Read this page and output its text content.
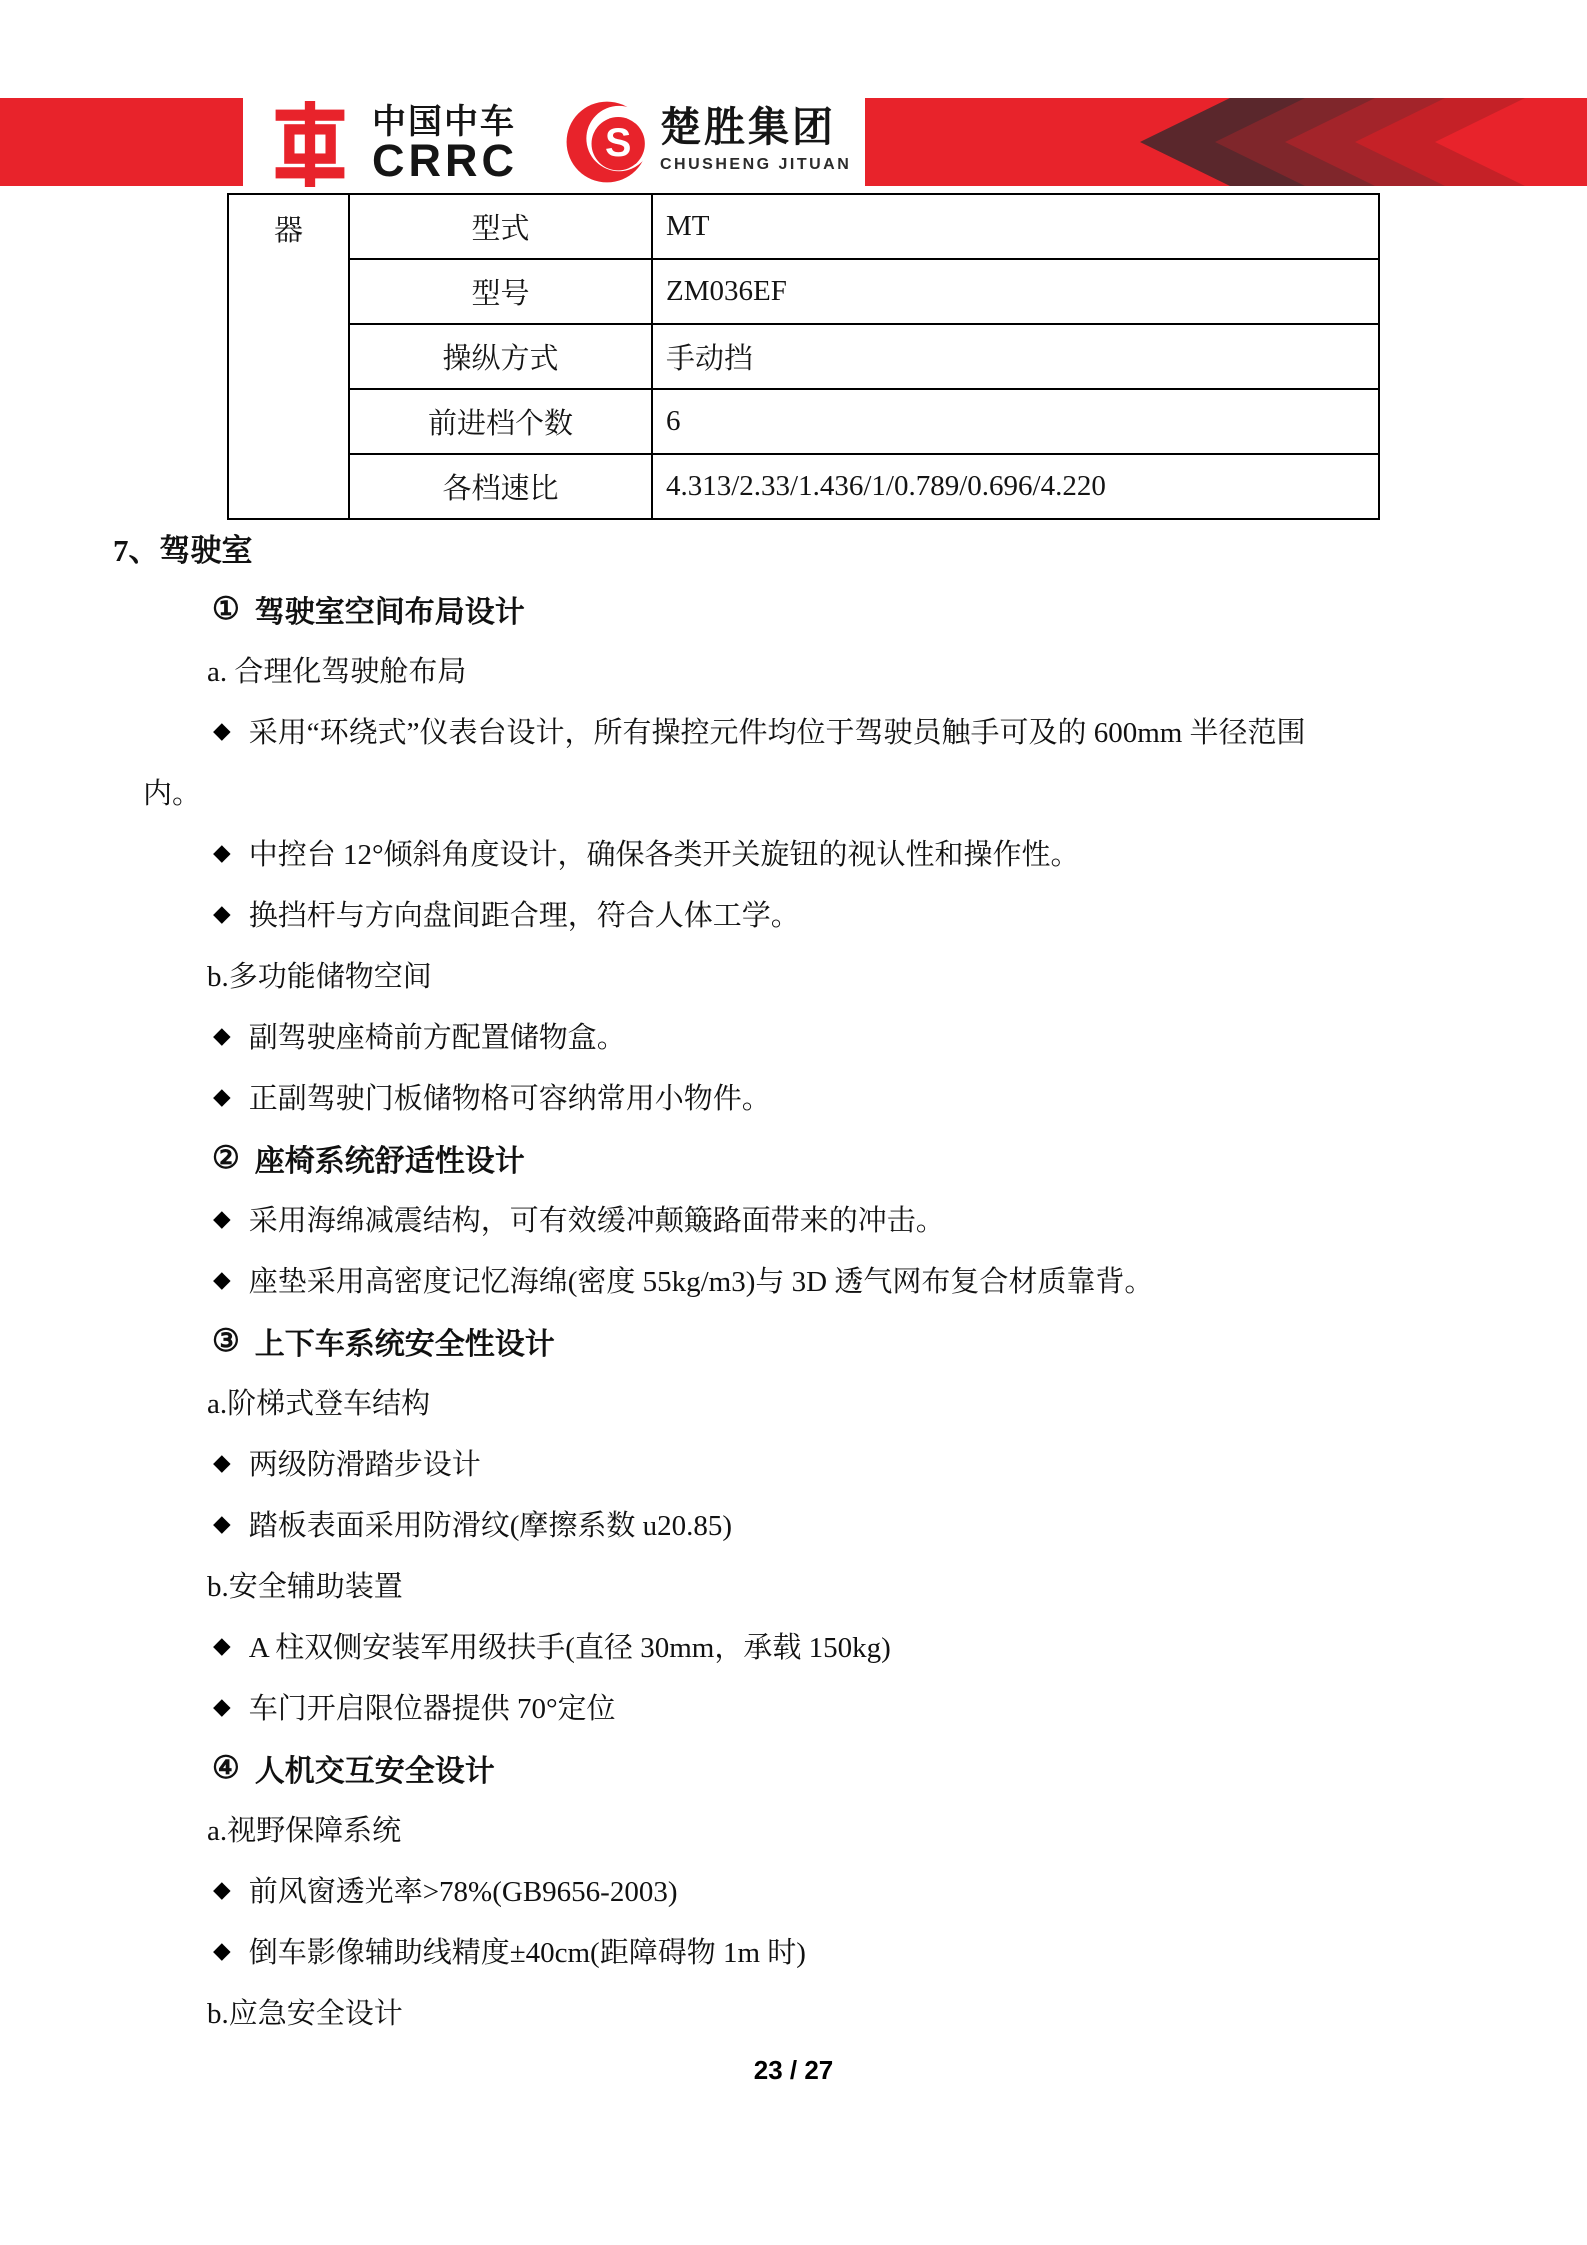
中国中车
CRRC	S 楚胜集团
CHUSHENG JITUAN
器	型式	MT
	型号	ZM036EF
	操纵方式	手动挡
	前进档个数	6
	各档速比	4.313/2.33/1.436/1/0.789/0.696/4.220
7、驾驶室
① 驾驶室空间布局设计
a. 合理化驾驶舱布局
◆ 采用“环绕式”仪表台设计，所有操控元件均位于驾驶员触手可及的 600mm 半径范围
内。
◆ 中控台 12°倾斜角度设计，确保各类开关旋钮的视认性和操作性。
◆ 换挡杆与方向盘间距合理，符合人体工学。
b.多功能储物空间
◆ 副驾驶座椅前方配置储物盒。
◆ 正副驾驶门板储物格可容纳常用小物件。
② 座椅系统舒适性设计
◆ 采用海绵减震结构，可有效缓冲颠簸路面带来的冲击。
◆ 座垫采用高密度记忆海绵(密度 55kg/m3)与 3D 透气网布复合材质靠背。
③ 上下车系统安全性设计
a.阶梯式登车结构
◆ 两级防滑踏步设计
◆ 踏板表面采用防滑纹(摩擦系数 u20.85)
b.安全辅助装置
◆ A 柱双侧安装军用级扶手(直径 30mm，承载 150kg)
◆ 车门开启限位器提供 70°定位
④ 人机交互安全设计
a.视野保障系统
◆ 前风窗透光率>78%(GB9656-2003)
◆ 倒车影像辅助线精度±40cm(距障碍物 1m 时)
b.应急安全设计
23 / 27
